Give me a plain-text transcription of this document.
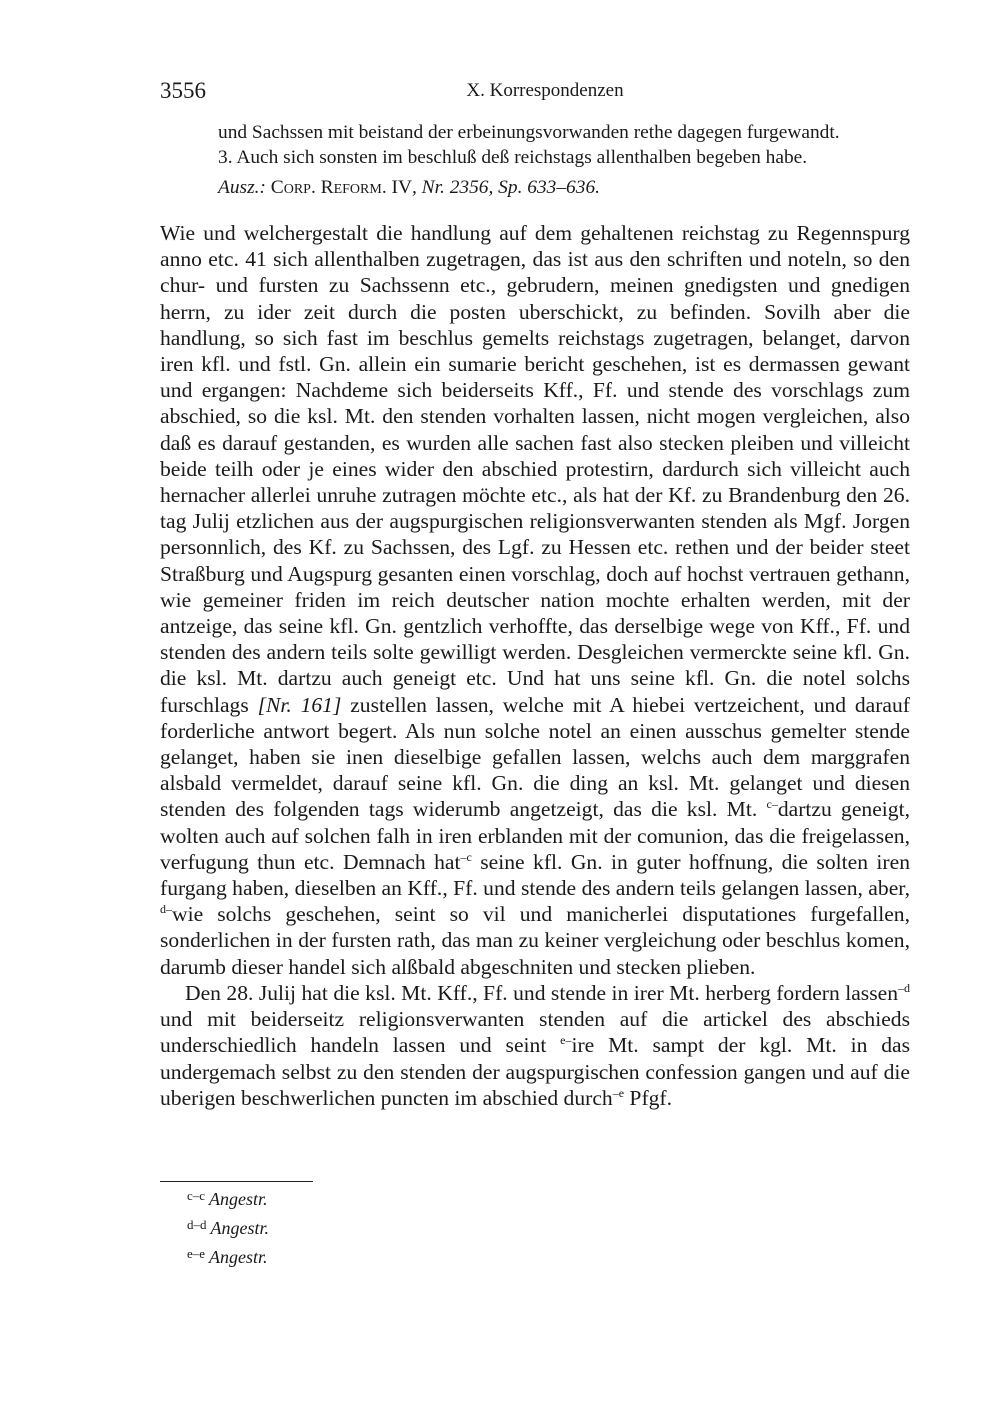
3556	X. Korrespondenzen

und Sachssen mit beistand der erbeinungsvorwanden rethe dagegen furgewandt.

3. Auch sich sonsten im beschluß deß reichstags allenthalben begeben habe.

Ausz.: Corp. Reform. IV, Nr. 2356, Sp. 633–636.

Wie und welchergestalt die handlung auf dem gehaltenen reichstag zu Regennspurg anno etc. 41 sich allenthalben zugetragen, das ist aus den schriften und noteln, so den chur- und fursten zu Sachssenn etc., gebrudern, meinen gnedigsten und gnedigen herrn, zu ider zeit durch die posten uberschickt, zu befinden. Sovilh aber die handlung, so sich fast im beschlus gemelts reichstags zugetragen, belanget, darvon iren kfl. und fstl. Gn. allein ein sumarie bericht geschehen, ist es dermassen gewant und ergangen: Nachdeme sich beiderseits Kff., Ff. und stende des vorschlags zum abschied, so die ksl. Mt. den stenden vorhalten lassen, nicht mogen vergleichen, also daß es darauf gestanden, es wurden alle sachen fast also stecken pleiben und villeicht beide teilh oder je eines wider den abschied protestirn, dardurch sich villeicht auch hernacher allerlei unruhe zutragen möchte etc., als hat der Kf. zu Brandenburg den 26. tag Julij etzlichen aus der augspurgischen religionsverwanten stenden als Mgf. Jorgen personnlich, des Kf. zu Sachssen, des Lgf. zu Hessen etc. rethen und der beider steet Straßburg und Augspurg gesanten einen vorschlag, doch auf hochst vertrauen gethann, wie gemeiner friden im reich deutscher nation mochte erhalten werden, mit der antzeige, das seine kfl. Gn. gentzlich verhoffte, das derselbige wege von Kff., Ff. und stenden des andern teils solte gewilligt werden. Desgleichen vermerckte seine kfl. Gn. die ksl. Mt. dartzu auch geneigt etc. Und hat uns seine kfl. Gn. die notel solchs furschlags [Nr. 161] zustellen lassen, welche mit A hiebei vertzeichent, und darauf forderliche antwort begert. Als nun solche notel an einen ausschus gemelter stende gelanget, haben sie inen dieselbige gefallen lassen, welchs auch dem marggrafen alsbald vermeldet, darauf seine kfl. Gn. die ding an ksl. Mt. gelanget und diesen stenden des folgenden tags widerumb angetzeigt, das die ksl. Mt. $^{c-}$dartzu geneigt, wolten auch auf solchen falh in iren erblanden mit der comunion, das die freigelassen, verfugung thun etc. Demnach hat$^{-c}$ seine kfl. Gn. in guter hoffnung, die solten iren furgang haben, dieselben an Kff., Ff. und stende des andern teils gelangen lassen, aber, $^{d-}$wie solchs geschehen, seint so vil und manicherlei disputationes furgefallen, sonderlichen in der fursten rath, das man zu keiner vergleichung oder beschlus komen, darumb dieser handel sich alßbald abgeschniten und stecken plieben.

Den 28. Julij hat die ksl. Mt. Kff., Ff. und stende in irer Mt. herberg fordern lassen$^{-d}$ und mit beiderseitz religionsverwanten stenden auf die artickel des abschieds underschiedlich handeln lassen und seint $^{e-}$ire Mt. sampt der kgl. Mt. in das undergemach selbst zu den stenden der augspurgischen confession gangen und auf die uberigen beschwerlichen puncten im abschied durch$^{-e}$ Pfgf.

$^{c-c}$ Angestr.
$^{d-d}$ Angestr.
$^{e-e}$ Angestr.
